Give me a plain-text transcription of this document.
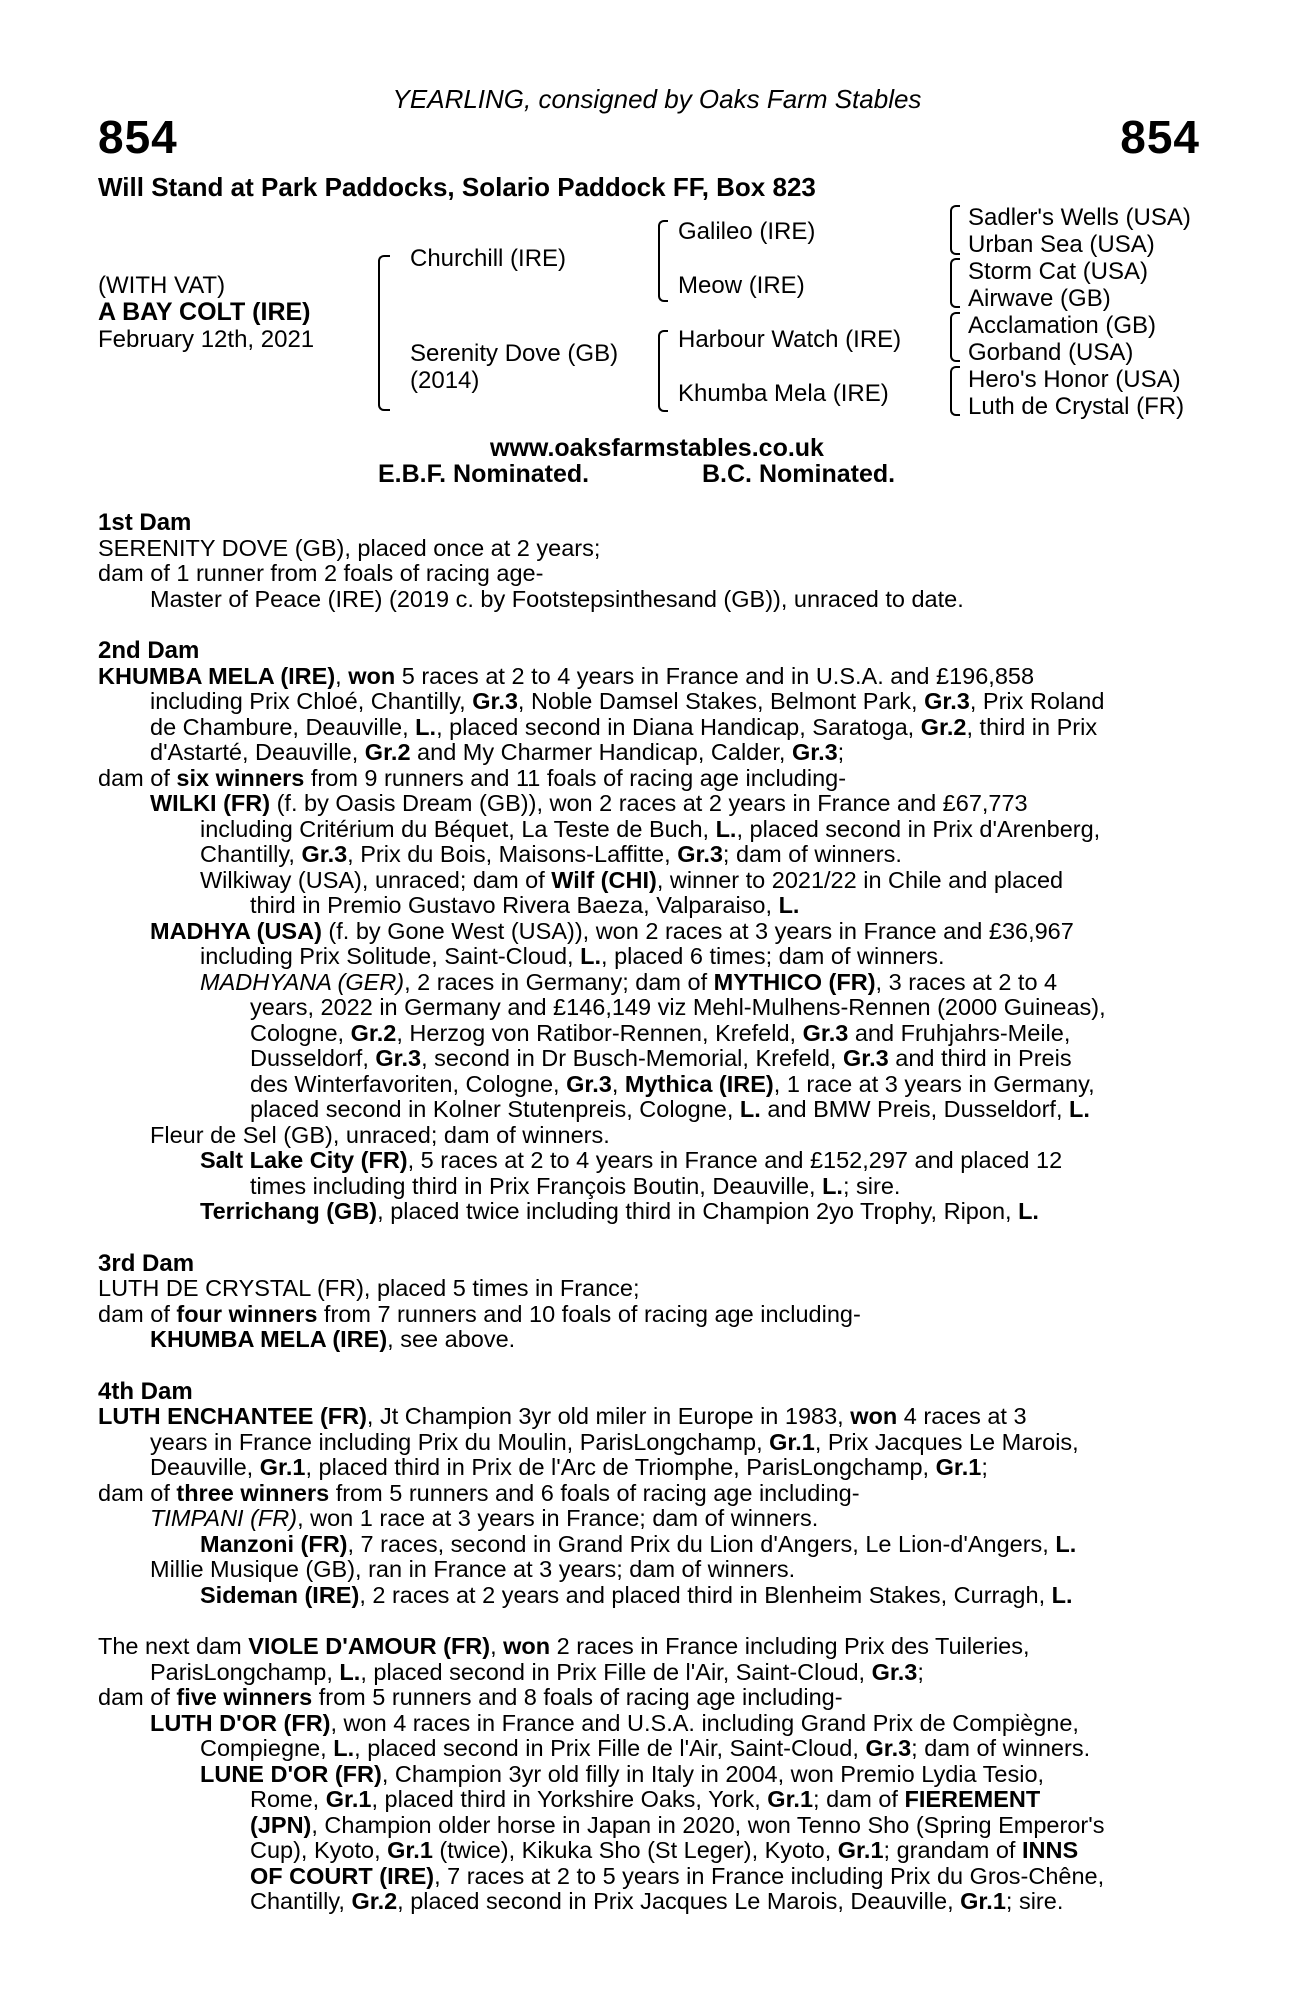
YEARLING, consigned by Oaks Farm Stables
854	854
Will Stand at Park Paddocks, Solario Paddock FF, Box 823
(WITH VAT)
A BAY COLT (IRE)
February 12th, 2021
Churchill (IRE)
Serenity Dove (GB)
(2014)
Galileo (IRE)
Meow (IRE)
Harbour Watch (IRE)
Khumba Mela (IRE)
Sadler's Wells (USA)
Urban Sea (USA)
Storm Cat (USA)
Airwave (GB)
Acclamation (GB)
Gorband (USA)
Hero's Honor (USA)
Luth de Crystal (FR)
www.oaksfarmstables.co.uk
E.B.F. Nominated.	B.C. Nominated.
1st Dam
SERENITY DOVE (GB), placed once at 2 years;
dam of 1 runner from 2 foals of racing age-
Master of Peace (IRE) (2019 c. by Footstepsinthesand (GB)), unraced to date.
2nd Dam
KHUMBA MELA (IRE), won 5 races at 2 to 4 years in France and in U.S.A. and £196,858
including Prix Chloé, Chantilly, Gr.3, Noble Damsel Stakes, Belmont Park, Gr.3, Prix Roland
de Chambure, Deauville, L., placed second in Diana Handicap, Saratoga, Gr.2, third in Prix
d'Astarté, Deauville, Gr.2 and My Charmer Handicap, Calder, Gr.3;
dam of six winners from 9 runners and 11 foals of racing age including-
WILKI (FR) (f. by Oasis Dream (GB)), won 2 races at 2 years in France and £67,773
including Critérium du Béquet, La Teste de Buch, L., placed second in Prix d'Arenberg,
Chantilly, Gr.3, Prix du Bois, Maisons-Laffitte, Gr.3; dam of winners.
Wilkiway (USA), unraced; dam of Wilf (CHI), winner to 2021/22 in Chile and placed
third in Premio Gustavo Rivera Baeza, Valparaiso, L.
MADHYA (USA) (f. by Gone West (USA)), won 2 races at 3 years in France and £36,967
including Prix Solitude, Saint-Cloud, L., placed 6 times; dam of winners.
MADHYANA (GER), 2 races in Germany; dam of MYTHICO (FR), 3 races at 2 to 4
years, 2022 in Germany and £146,149 viz Mehl-Mulhens-Rennen (2000 Guineas),
Cologne, Gr.2, Herzog von Ratibor-Rennen, Krefeld, Gr.3 and Fruhjahrs-Meile,
Dusseldorf, Gr.3, second in Dr Busch-Memorial, Krefeld, Gr.3 and third in Preis
des Winterfavoriten, Cologne, Gr.3, Mythica (IRE), 1 race at 3 years in Germany,
placed second in Kolner Stutenpreis, Cologne, L. and BMW Preis, Dusseldorf, L.
Fleur de Sel (GB), unraced; dam of winners.
Salt Lake City (FR), 5 races at 2 to 4 years in France and £152,297 and placed 12
times including third in Prix François Boutin, Deauville, L.; sire.
Terrichang (GB), placed twice including third in Champion 2yo Trophy, Ripon, L.
3rd Dam
LUTH DE CRYSTAL (FR), placed 5 times in France;
dam of four winners from 7 runners and 10 foals of racing age including-
KHUMBA MELA (IRE), see above.
4th Dam
LUTH ENCHANTEE (FR), Jt Champion 3yr old miler in Europe in 1983, won 4 races at 3
years in France including Prix du Moulin, ParisLongchamp, Gr.1, Prix Jacques Le Marois,
Deauville, Gr.1, placed third in Prix de l'Arc de Triomphe, ParisLongchamp, Gr.1;
dam of three winners from 5 runners and 6 foals of racing age including-
TIMPANI (FR), won 1 race at 3 years in France; dam of winners.
Manzoni (FR), 7 races, second in Grand Prix du Lion d'Angers, Le Lion-d'Angers, L.
Millie Musique (GB), ran in France at 3 years; dam of winners.
Sideman (IRE), 2 races at 2 years and placed third in Blenheim Stakes, Curragh, L.
The next dam VIOLE D'AMOUR (FR), won 2 races in France including Prix des Tuileries,
ParisLongchamp, L., placed second in Prix Fille de l'Air, Saint-Cloud, Gr.3;
dam of five winners from 5 runners and 8 foals of racing age including-
LUTH D'OR (FR), won 4 races in France and U.S.A. including Grand Prix de Compiègne,
Compiegne, L., placed second in Prix Fille de l'Air, Saint-Cloud, Gr.3; dam of winners.
LUNE D'OR (FR), Champion 3yr old filly in Italy in 2004, won Premio Lydia Tesio,
Rome, Gr.1, placed third in Yorkshire Oaks, York, Gr.1; dam of FIEREMENT
(JPN), Champion older horse in Japan in 2020, won Tenno Sho (Spring Emperor's
Cup), Kyoto, Gr.1 (twice), Kikuka Sho (St Leger), Kyoto, Gr.1; grandam of INNS
OF COURT (IRE), 7 races at 2 to 5 years in France including Prix du Gros-Chêne,
Chantilly, Gr.2, placed second in Prix Jacques Le Marois, Deauville, Gr.1; sire.
